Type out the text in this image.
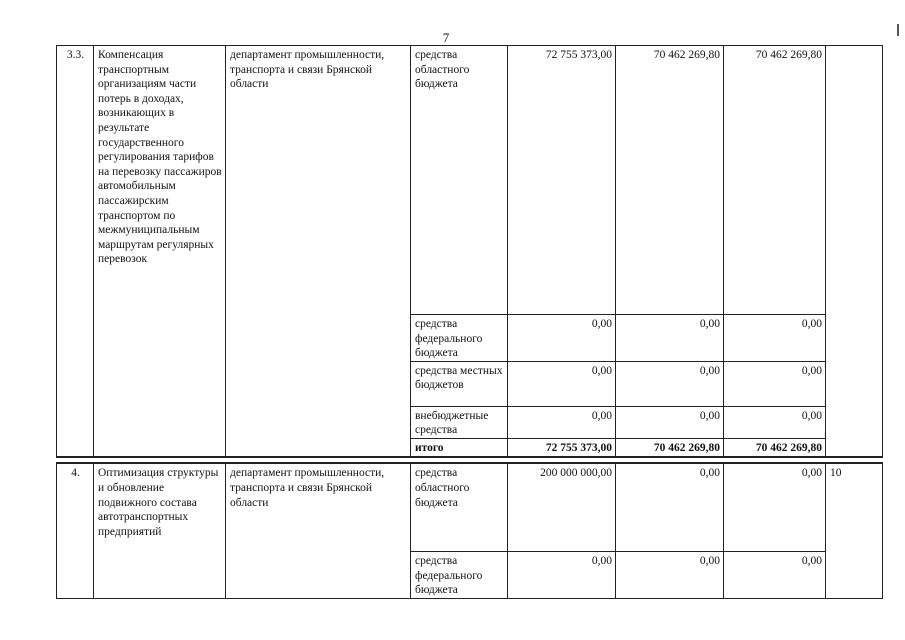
7
3.3.	Компенсация транспортным организациям части потерь в доходах, возникающих в результате государственного регулирования тарифов на перевозку пассажиров автомобильным пассажирским транспортом по межмуниципальным маршрутам регулярных перевозок	департамент промышленности, транспорта и связи Брянской области	средства областного бюджета	72 755 373,00	70 462 269,80	70 462 269,80	
			средства федерального бюджета	0,00	0,00	0,00	
			средства местных бюджетов	0,00	0,00	0,00	
			внебюджетные средства	0,00	0,00	0,00	
			итого	72 755 373,00	70 462 269,80	70 462 269,80	

4.	Оптимизация структуры и обновление подвижного состава автотранспортных предприятий	департамент промышленности, транспорта и связи Брянской области	средства областного бюджета	200 000 000,00	0,00	0,00	10
			средства федерального бюджета	0,00	0,00	0,00	
